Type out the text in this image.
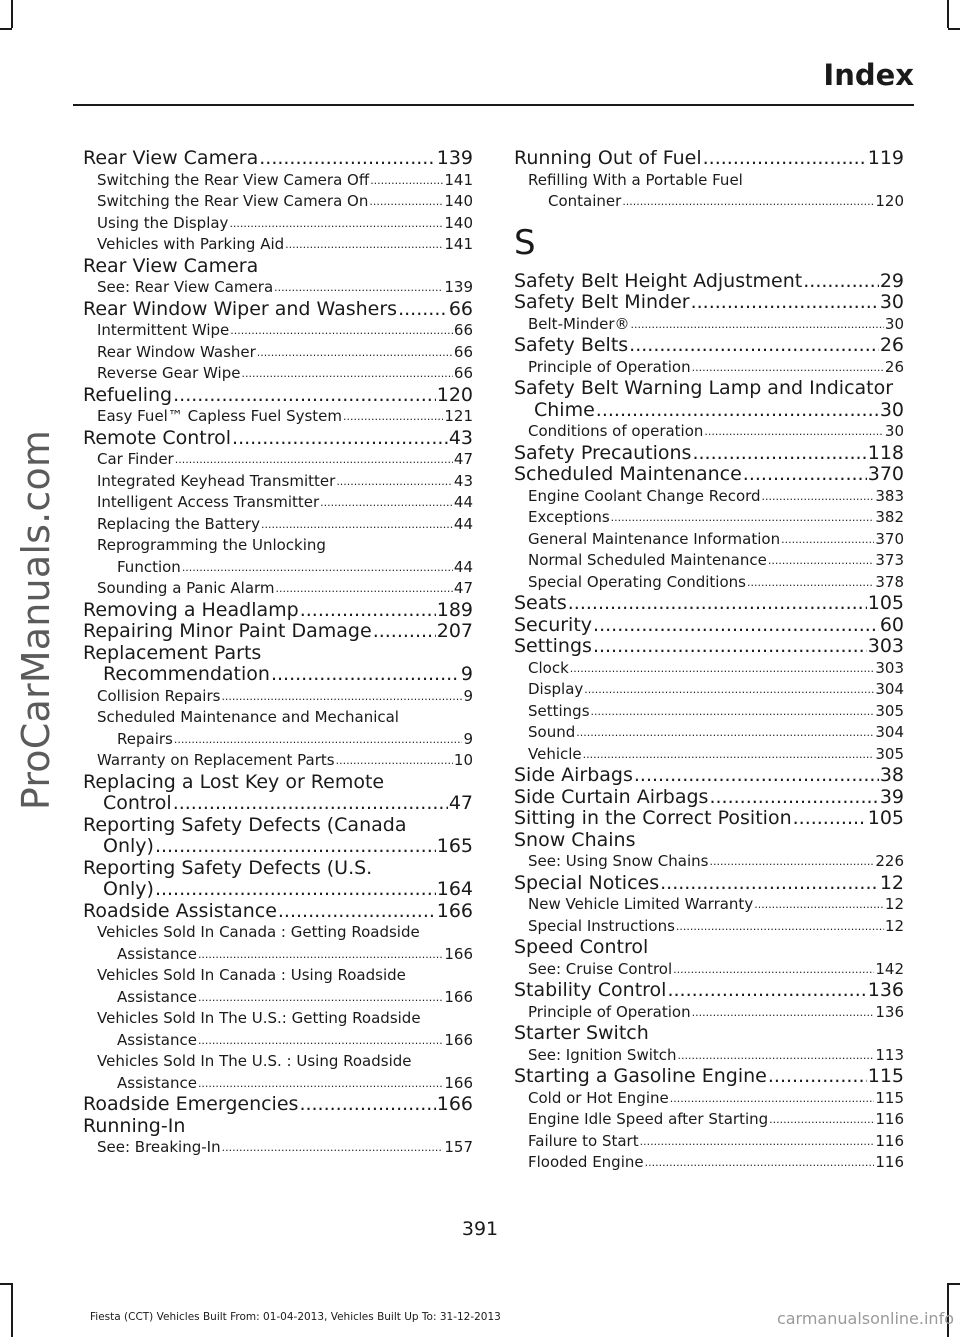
ProCarManuals.com
Index
Rear View Camera .....	139
Switching the Rear View Camera Off .....	141
Switching the Rear View Camera On .....	140
Using the Display .....	140
Vehicles with Parking Aid .....	141
Rear View Camera
See: Rear View Camera .....	139
Rear Window Wiper and Washers .....	66
Intermittent Wipe .....	66
Rear Window Washer .....	66
Reverse Gear Wipe .....	66
Refueling .....	120
Easy Fuel™ Capless Fuel System .....	121
Remote Control .....	43
Car Finder .....	47
Integrated Keyhead Transmitter .....	43
Intelligent Access Transmitter .....	44
Replacing the Battery .....	44
Reprogramming the Unlocking
Function .....	44
Sounding a Panic Alarm .....	47
Removing a Headlamp .....	189
Repairing Minor Paint Damage .....	207
Replacement Parts
Recommendation .....	9
Collision Repairs .....	9
Scheduled Maintenance and Mechanical
Repairs .....	9
Warranty on Replacement Parts .....	10
Replacing a Lost Key or Remote
Control .....	47
Reporting Safety Defects (Canada
Only) .....	165
Reporting Safety Defects (U.S.
Only) .....	164
Roadside Assistance .....	166
Vehicles Sold In Canada : Getting Roadside
Assistance .....	166
Vehicles Sold In Canada : Using Roadside
Assistance .....	166
Vehicles Sold In The U.S.: Getting Roadside
Assistance .....	166
Vehicles Sold In The U.S. : Using Roadside
Assistance .....	166
Roadside Emergencies .....	166
Running-In
See: Breaking-In .....	157
Running Out of Fuel .....	119
Refilling With a Portable Fuel
Container .....	120
S
Safety Belt Height Adjustment .....	29
Safety Belt Minder .....	30
Belt-Minder® .....	30
Safety Belts .....	26
Principle of Operation .....	26
Safety Belt Warning Lamp and Indicator
Chime .....	30
Conditions of operation .....	30
Safety Precautions .....	118
Scheduled Maintenance .....	370
Engine Coolant Change Record .....	383
Exceptions .....	382
General Maintenance Information .....	370
Normal Scheduled Maintenance .....	373
Special Operating Conditions .....	378
Seats .....	105
Security .....	60
Settings .....	303
Clock .....	303
Display .....	304
Settings .....	305
Sound .....	304
Vehicle .....	305
Side Airbags .....	38
Side Curtain Airbags .....	39
Sitting in the Correct Position .....	105
Snow Chains
See: Using Snow Chains .....	226
Special Notices .....	12
New Vehicle Limited Warranty .....	12
Special Instructions .....	12
Speed Control
See: Cruise Control .....	142
Stability Control .....	136
Principle of Operation .....	136
Starter Switch
See: Ignition Switch .....	113
Starting a Gasoline Engine .....	115
Cold or Hot Engine .....	115
Engine Idle Speed after Starting .....	116
Failure to Start .....	116
Flooded Engine .....	116
391
Fiesta (CCT) Vehicles Built From: 01-04-2013, Vehicles Built Up To: 31-12-2013	carmanualsonline.info
